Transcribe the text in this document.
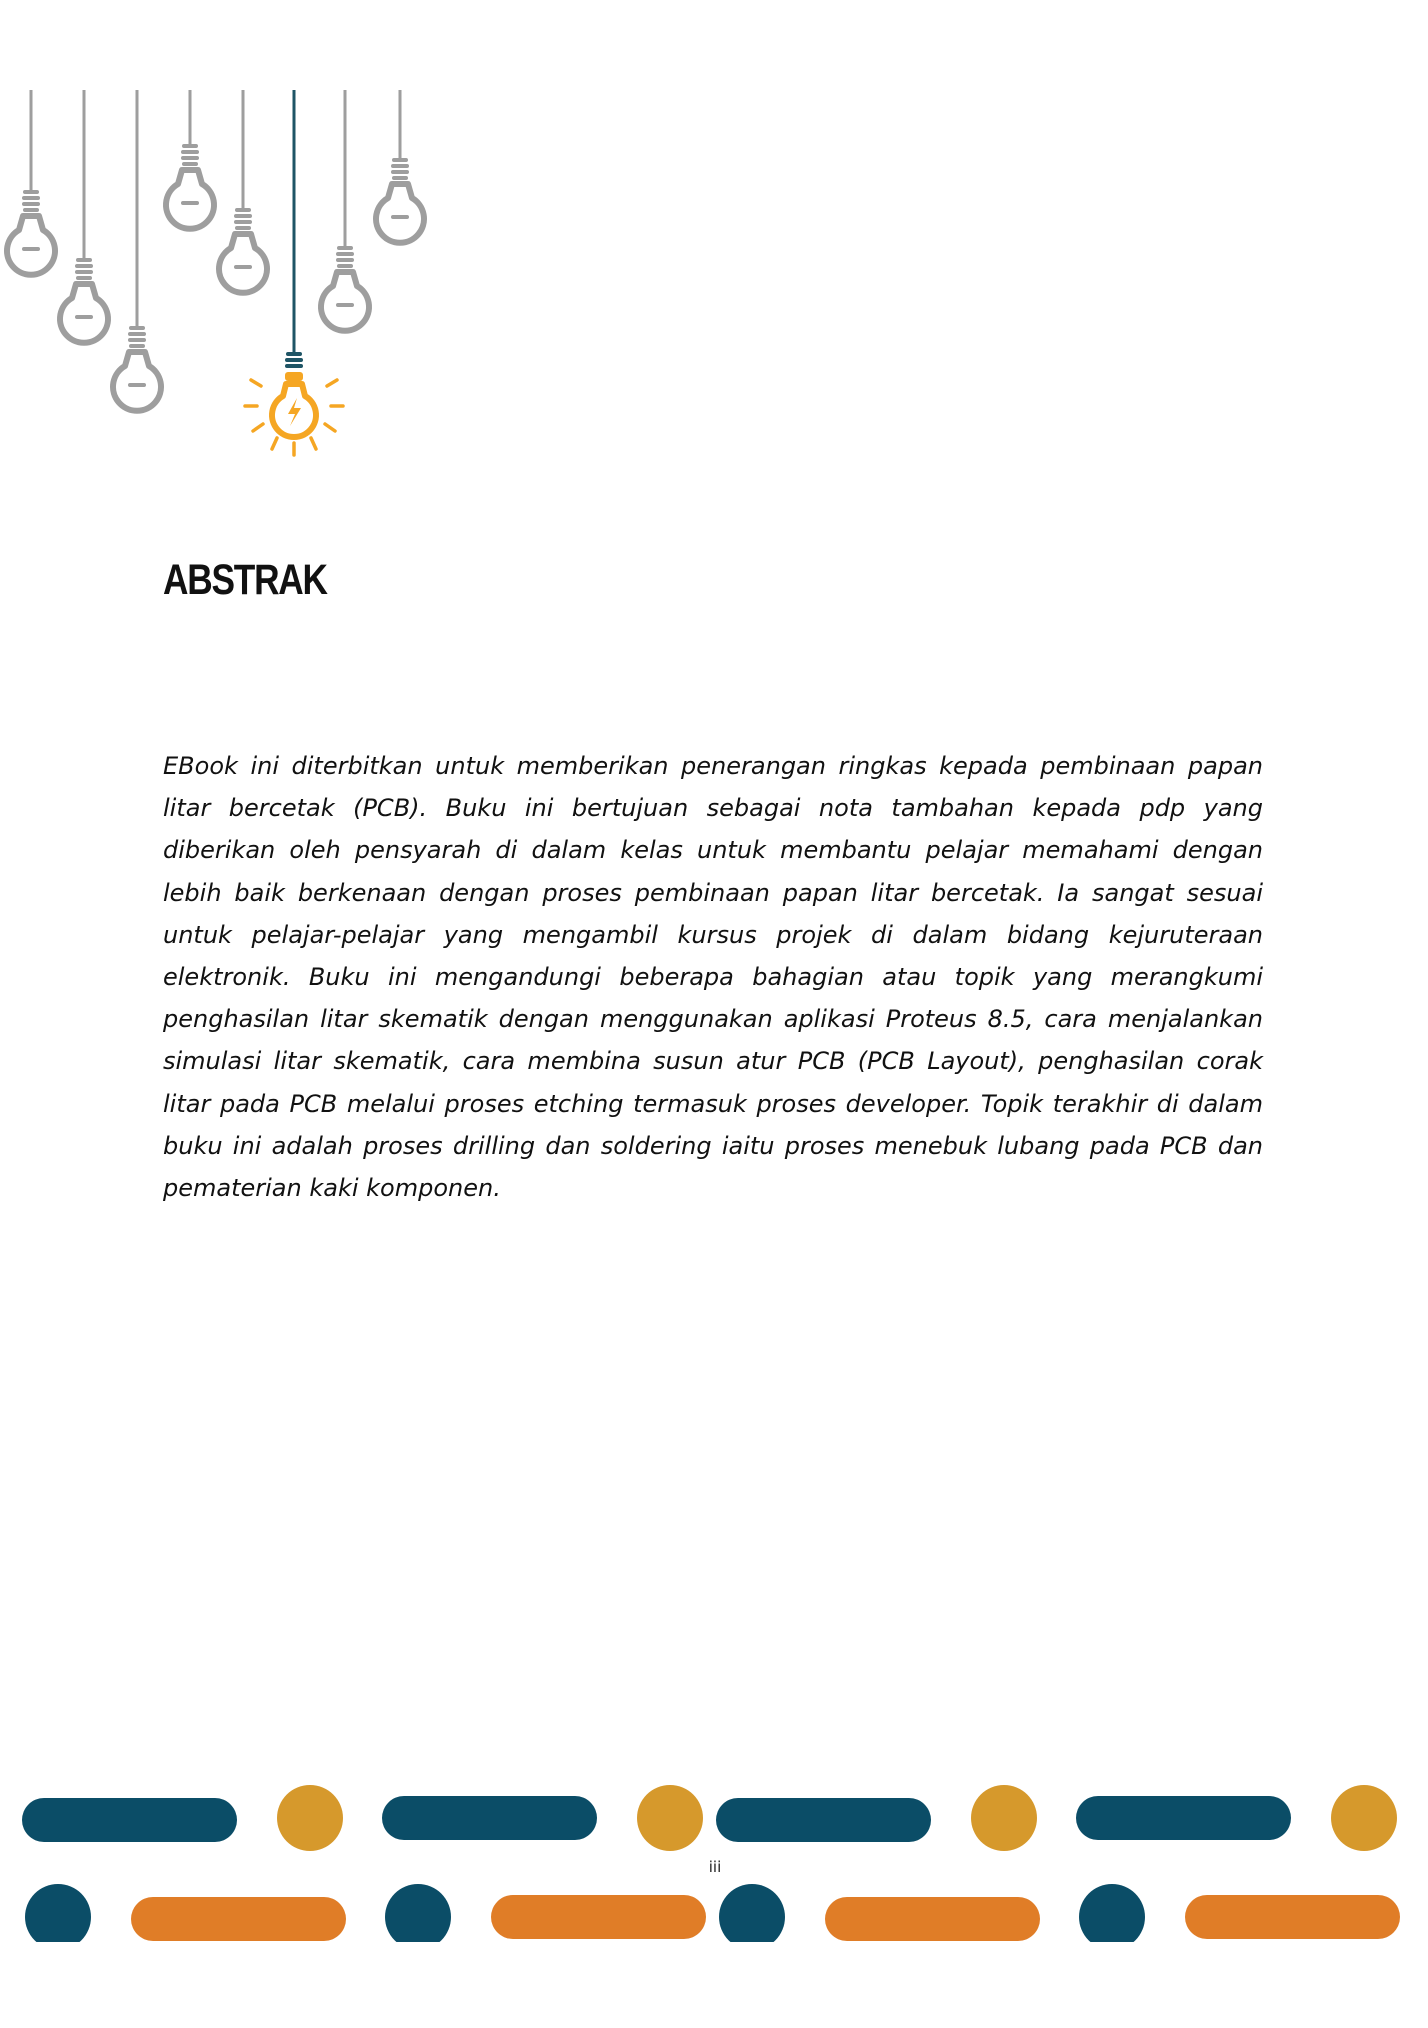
ABSTRAK

EBook ini diterbitkan untuk memberikan penerangan ringkas kepada pembinaan papan litar bercetak (PCB). Buku ini bertujuan sebagai nota tambahan kepada pdp yang diberikan oleh pensyarah di dalam kelas untuk membantu pelajar memahami dengan lebih baik berkenaan dengan proses pembinaan papan litar bercetak. Ia sangat sesuai untuk pelajar-pelajar yang mengambil kursus projek di dalam bidang kejuruteraan elektronik. Buku ini mengandungi beberapa bahagian atau topik yang merangkumi penghasilan litar skematik dengan menggunakan aplikasi Proteus 8.5, cara menjalankan simulasi litar skematik, cara membina susun atur PCB (PCB Layout), penghasilan corak litar pada PCB melalui proses etching termasuk proses developer. Topik terakhir di dalam buku ini adalah proses drilling dan soldering iaitu proses menebuk lubang pada PCB dan pematerian kaki komponen.

iii
